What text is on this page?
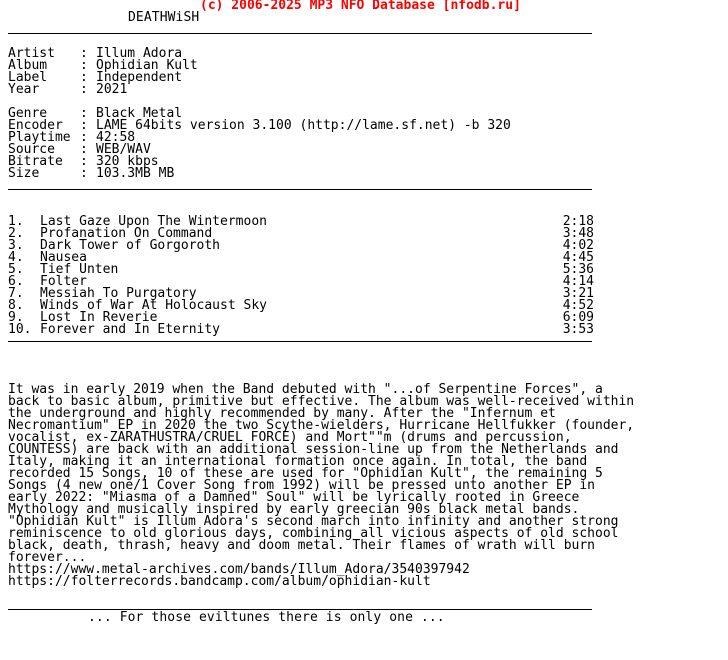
(c) 2006-2025 MP3 NFO Database [nfodb.ru]
DEATHWiSH
Artist : Illum Adora
Album	: Ophidian Kult
Label	: Independent
Year	: 2021
Genre	: Black Metal
Encoder : LAME 64bits version 3.100 (http://lame.sf.net) -b 320
Playtime : 42:58
Source : WEB/WAV
Bitrate : 320 kbps
Size	: 103.3MB MB
1. Last Gaze Upon The Wintermoon	2:18
2. Profanation On Command	3:48
3. Dark Tower of Gorgoroth	4:02
4. Nausea	4:45
5. Tief Unten	5:36
6. Folter	4:14
7. Messiah To Purgatory	3:21
8. Winds of War At Holocaust Sky	4:52
9. Lost In Reverie	6:09
10. Forever and In Eternity	3:53
It was in early 2019 when the Band debuted with "...of Serpentine Forces", a
back to basic album, primitive but effective. The album was well-received within
the underground and highly recommended by many. After the "Infernum et
Necromantium" EP in 2020 the two Scythe-wielders, Hurricane Hellfukker (founder,
vocalist, ex-ZARATHUSTRA/CRUEL FORCE) and Mort""m (drums and percussion,
COUNTESS) are back with an additional session-line up from the Netherlands and
Italy, making it an international formation once again. In total, the band
recorded 15 Songs, 10 of these are used for "Ophidian Kult", the remaining 5
Songs (4 new one/1 Cover Song from 1992) will be pressed unto another EP in
early 2022: "Miasma of a Damned" Soul" will be lyrically rooted in Greece
Mythology and musically inspired by early greecian 90s black metal bands.
"Ophidian Kult" is Illum Adora's second march into infinity and another strong
reminiscence to old glorious days, combining all vicious aspects of old school
black, death, thrash, heavy and doom metal. Their flames of wrath will burn
forever...
https://www.metal-archives.com/bands/Illum_Adora/3540397942
https://folterrecords.bandcamp.com/album/ophidian-kult
... For those eviltunes there is only one ...
